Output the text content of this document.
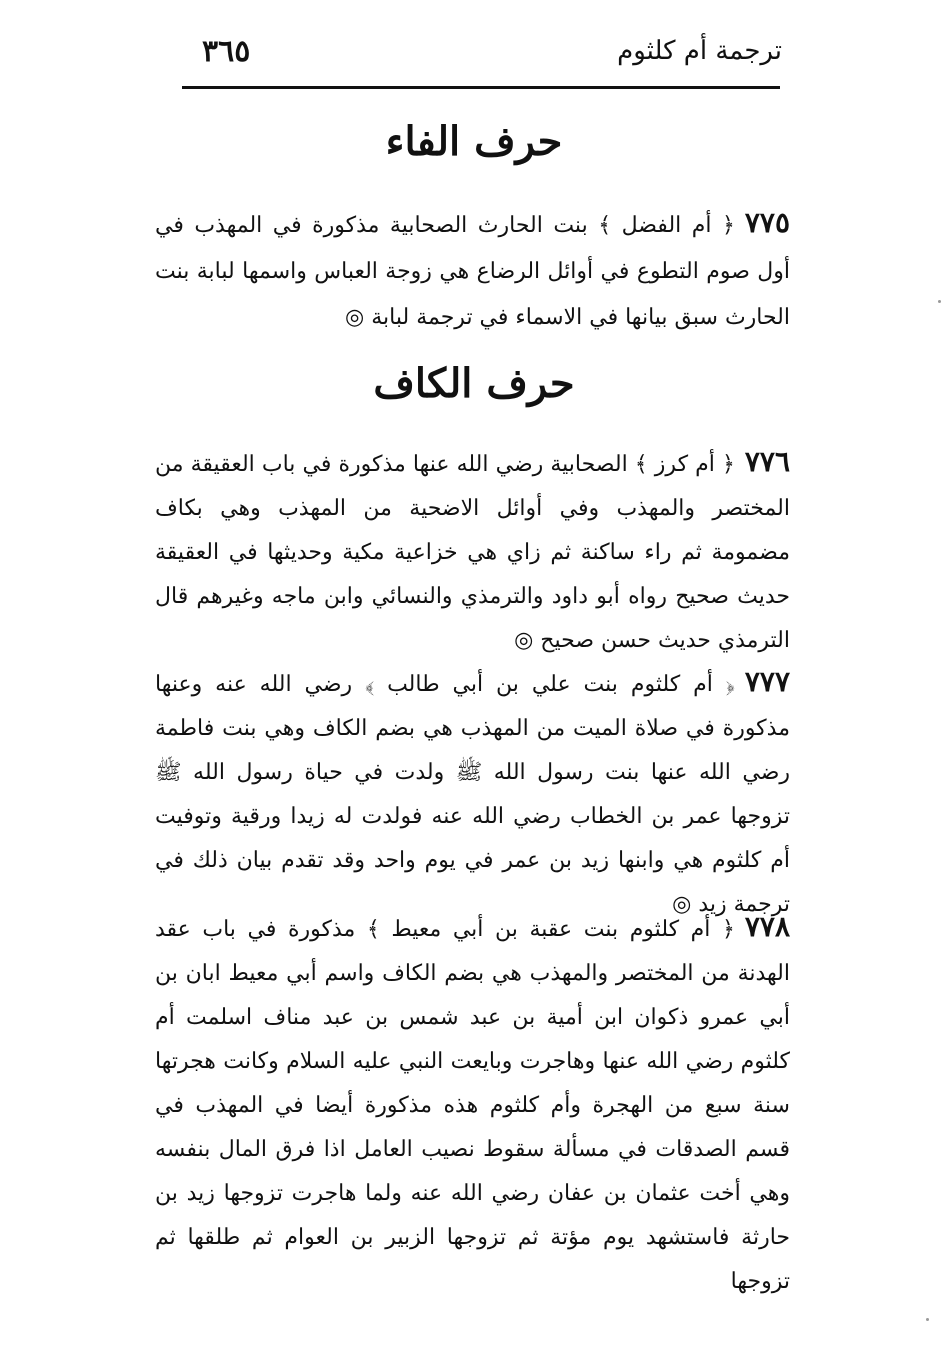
ترجمة أم كلثوم
٣٦٥
حرف الفاء
٧٧٥﴿ أم الفضل ﴾ بنت الحارث الصحابية مذكورة في المهذب في أول صوم التطوع في أوائل الرضاع هي زوجة العباس واسمها لبابة بنت الحارث سبق بيانها في الاسماء في ترجمة لبابة ◎
حرف الكاف
٧٧٦﴿ أم كرز ﴾ الصحابية رضي الله عنها مذكورة في باب العقيقة من المختصر والمهذب وفي أوائل الاضحية من المهذب وهي بكاف مضمومة ثم راء ساكنة ثم زاي هي خزاعية مكية وحديثها في العقيقة حديث صحيح رواه أبو داود والترمذي والنسائي وابن ماجه وغيرهم قال الترمذي حديث حسن صحيح ◎
٧٧٧﴿ أم كلثوم بنت علي بن أبي طالب ﴾ رضي الله عنه وعنها مذكورة في صلاة الميت من المهذب هي بضم الكاف وهي بنت فاطمة رضي الله عنها بنت رسول الله ﷺ ولدت في حياة رسول الله ﷺ تزوجها عمر بن الخطاب رضي الله عنه فولدت له زيدا ورقية وتوفيت أم كلثوم هي وابنها زيد بن عمر في يوم واحد وقد تقدم بيان ذلك في ترجمة زيد ◎
٧٧٨﴿ أم كلثوم بنت عقبة بن أبي معيط ﴾ مذكورة في باب عقد الهدنة من المختصر والمهذب هي بضم الكاف واسم أبي معيط ابان بن أبي عمرو ذكوان ابن أمية بن عبد شمس بن عبد مناف اسلمت أم كلثوم رضي الله عنها وهاجرت وبايعت النبي عليه السلام وكانت هجرتها سنة سبع من الهجرة وأم كلثوم هذه مذكورة أيضا في المهذب في قسم الصدقات في مسألة سقوط نصيب العامل اذا فرق المال بنفسه وهي أخت عثمان بن عفان رضي الله عنه ولما هاجرت تزوجها زيد بن حارثة فاستشهد يوم مؤتة ثم تزوجها الزبير بن العوام ثم طلقها ثم تزوجها
